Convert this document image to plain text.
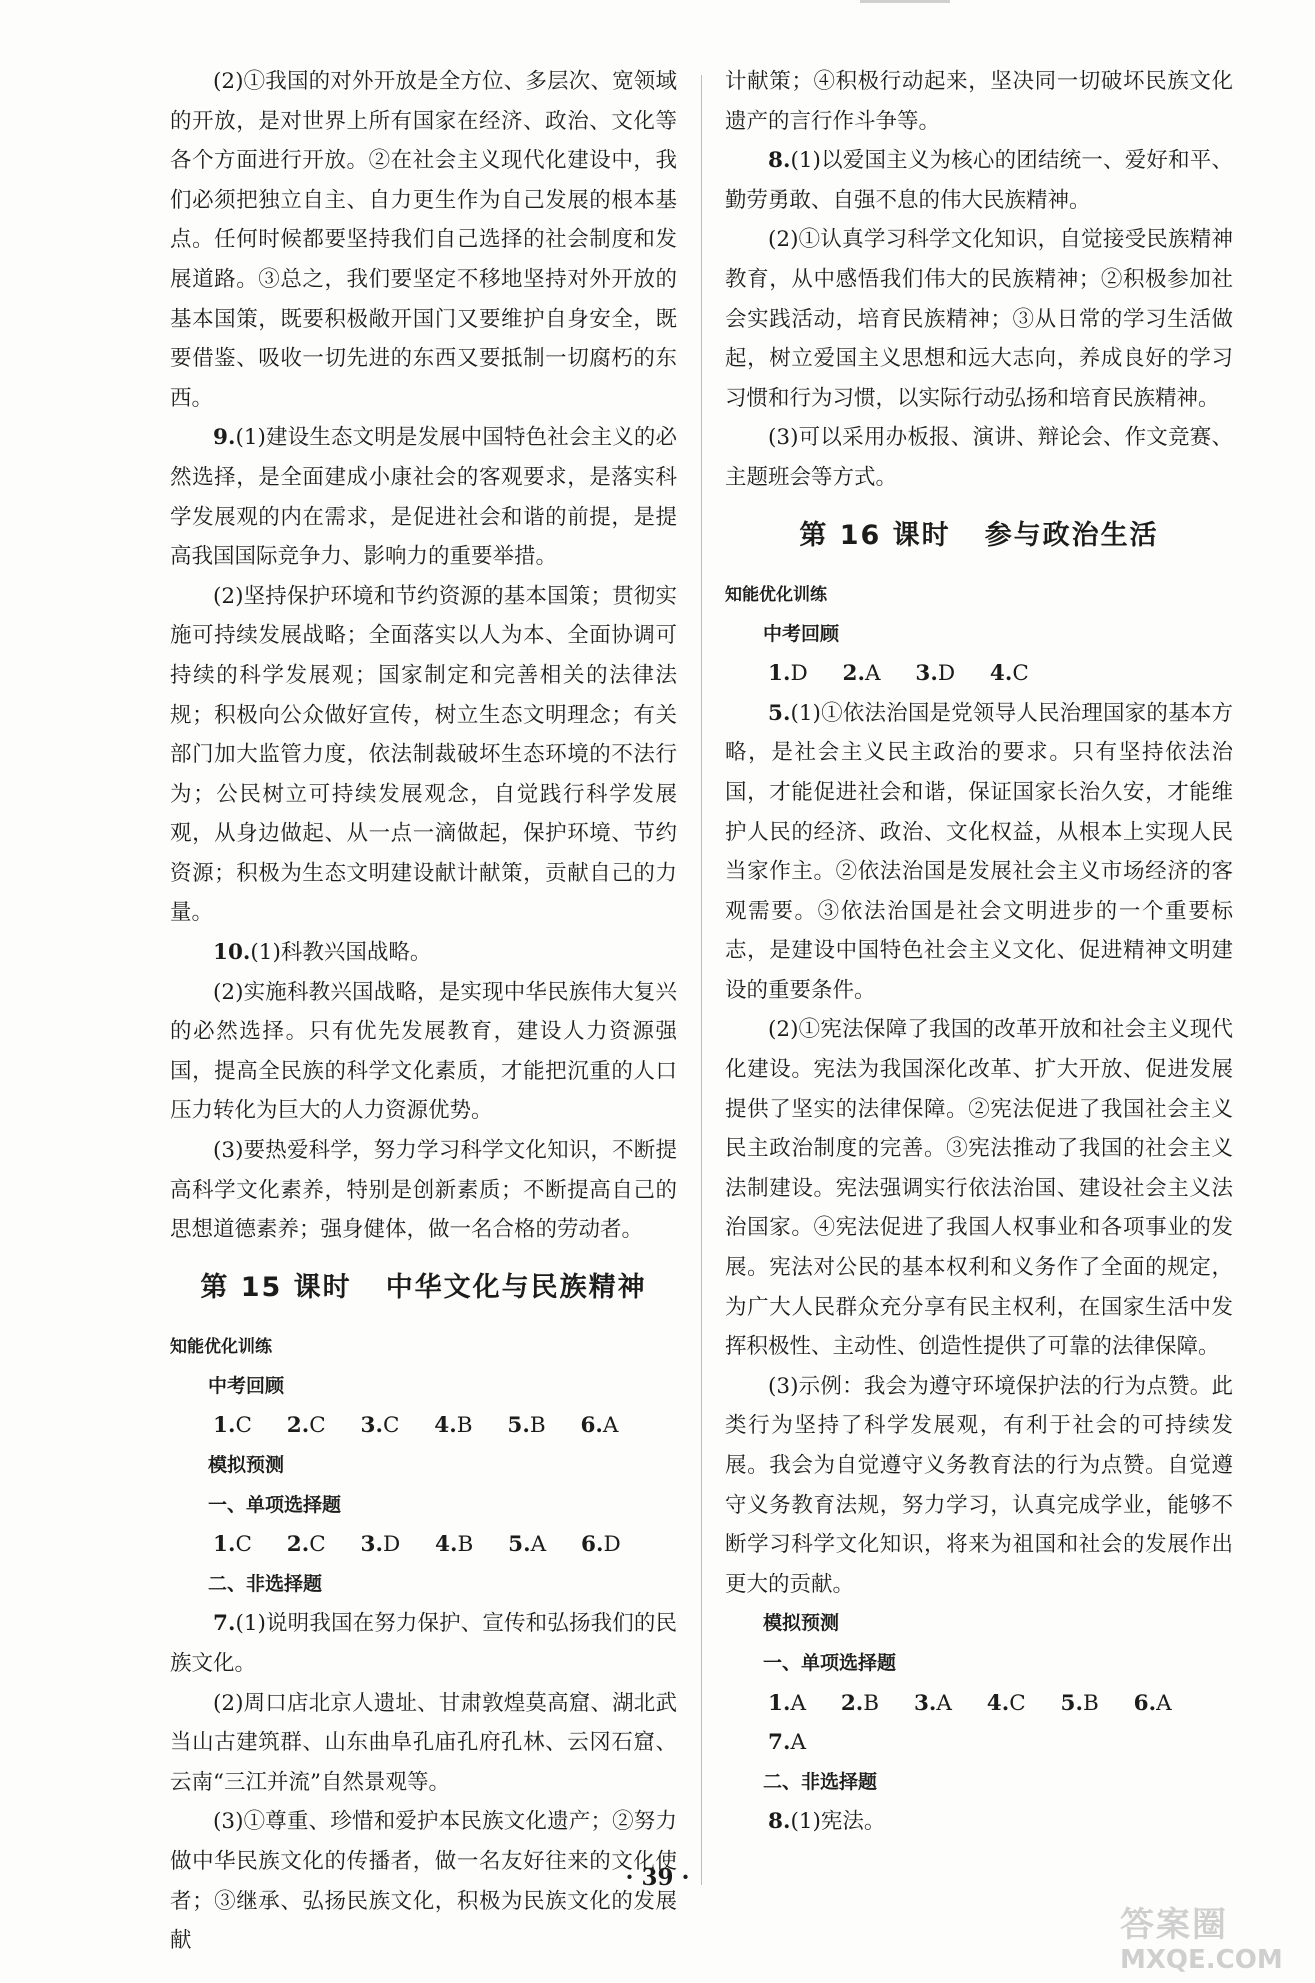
(2)①我国的对外开放是全方位、多层次、宽领域的开放，是对世界上所有国家在经济、政治、文化等各个方面进行开放。②在社会主义现代化建设中，我们必须把独立自主、自力更生作为自己发展的根本基点。任何时候都要坚持我们自己选择的社会制度和发展道路。③总之，我们要坚定不移地坚持对外开放的基本国策，既要积极敞开国门又要维护自身安全，既要借鉴、吸收一切先进的东西又要抵制一切腐朽的东西。

9.(1)建设生态文明是发展中国特色社会主义的必然选择，是全面建成小康社会的客观要求，是落实科学发展观的内在需求，是促进社会和谐的前提，是提高我国国际竞争力、影响力的重要举措。

(2)坚持保护环境和节约资源的基本国策；贯彻实施可持续发展战略；全面落实以人为本、全面协调可持续的科学发展观；国家制定和完善相关的法律法规；积极向公众做好宣传，树立生态文明理念；有关部门加大监管力度，依法制裁破坏生态环境的不法行为；公民树立可持续发展观念，自觉践行科学发展观，从身边做起、从一点一滴做起，保护环境、节约资源；积极为生态文明建设献计献策，贡献自己的力量。

10.(1)科教兴国战略。

(2)实施科教兴国战略，是实现中华民族伟大复兴的必然选择。只有优先发展教育，建设人力资源强国，提高全民族的科学文化素质，才能把沉重的人口压力转化为巨大的人力资源优势。

(3)要热爱科学，努力学习科学文化知识，不断提高科学文化素养，特别是创新素质；不断提高自己的思想道德素养；强身健体，做一名合格的劳动者。

第 15 课时 中华文化与民族精神
知能优化训练
中考回顾
1.C 2.C 3.C 4.B 5.B 6.A
模拟预测
一、单项选择题
1.C 2.C 3.D 4.B 5.A 6.D
二、非选择题

7.(1)说明我国在努力保护、宣传和弘扬我们的民族文化。

(2)周口店北京人遗址、甘肃敦煌莫高窟、湖北武当山古建筑群、山东曲阜孔庙孔府孔林、云冈石窟、云南“三江并流”自然景观等。

(3)①尊重、珍惜和爱护本民族文化遗产；②努力做中华民族文化的传播者，做一名友好往来的文化使者；③继承、弘扬民族文化，积极为民族文化的发展献

计献策；④积极行动起来，坚决同一切破坏民族文化遗产的言行作斗争等。

8.(1)以爱国主义为核心的团结统一、爱好和平、勤劳勇敢、自强不息的伟大民族精神。

(2)①认真学习科学文化知识，自觉接受民族精神教育，从中感悟我们伟大的民族精神；②积极参加社会实践活动，培育民族精神；③从日常的学习生活做起，树立爱国主义思想和远大志向，养成良好的学习习惯和行为习惯，以实际行动弘扬和培育民族精神。

(3)可以采用办板报、演讲、辩论会、作文竞赛、主题班会等方式。

第 16 课时 参与政治生活
知能优化训练
中考回顾
1.D 2.A 3.D 4.C

5.(1)①依法治国是党领导人民治理国家的基本方略，是社会主义民主政治的要求。只有坚持依法治国，才能促进社会和谐，保证国家长治久安，才能维护人民的经济、政治、文化权益，从根本上实现人民当家作主。②依法治国是发展社会主义市场经济的客观需要。③依法治国是社会文明进步的一个重要标志，是建设中国特色社会主义文化、促进精神文明建设的重要条件。

(2)①宪法保障了我国的改革开放和社会主义现代化建设。宪法为我国深化改革、扩大开放、促进发展提供了坚实的法律保障。②宪法促进了我国社会主义民主政治制度的完善。③宪法推动了我国的社会主义法制建设。宪法强调实行依法治国、建设社会主义法治国家。④宪法促进了我国人权事业和各项事业的发展。宪法对公民的基本权利和义务作了全面的规定，为广大人民群众充分享有民主权利，在国家生活中发挥积极性、主动性、创造性提供了可靠的法律保障。

(3)示例：我会为遵守环境保护法的行为点赞。此类行为坚持了科学发展观，有利于社会的可持续发展。我会为自觉遵守义务教育法的行为点赞。自觉遵守义务教育法规，努力学习，认真完成学业，能够不断学习科学文化知识，将来为祖国和社会的发展作出更大的贡献。

模拟预测
一、单项选择题
1.A 2.B 3.A 4.C 5.B 6.A 7.A
二、非选择题

8.(1)宪法。

· 39 ·
答案圈
MXQE.COM
